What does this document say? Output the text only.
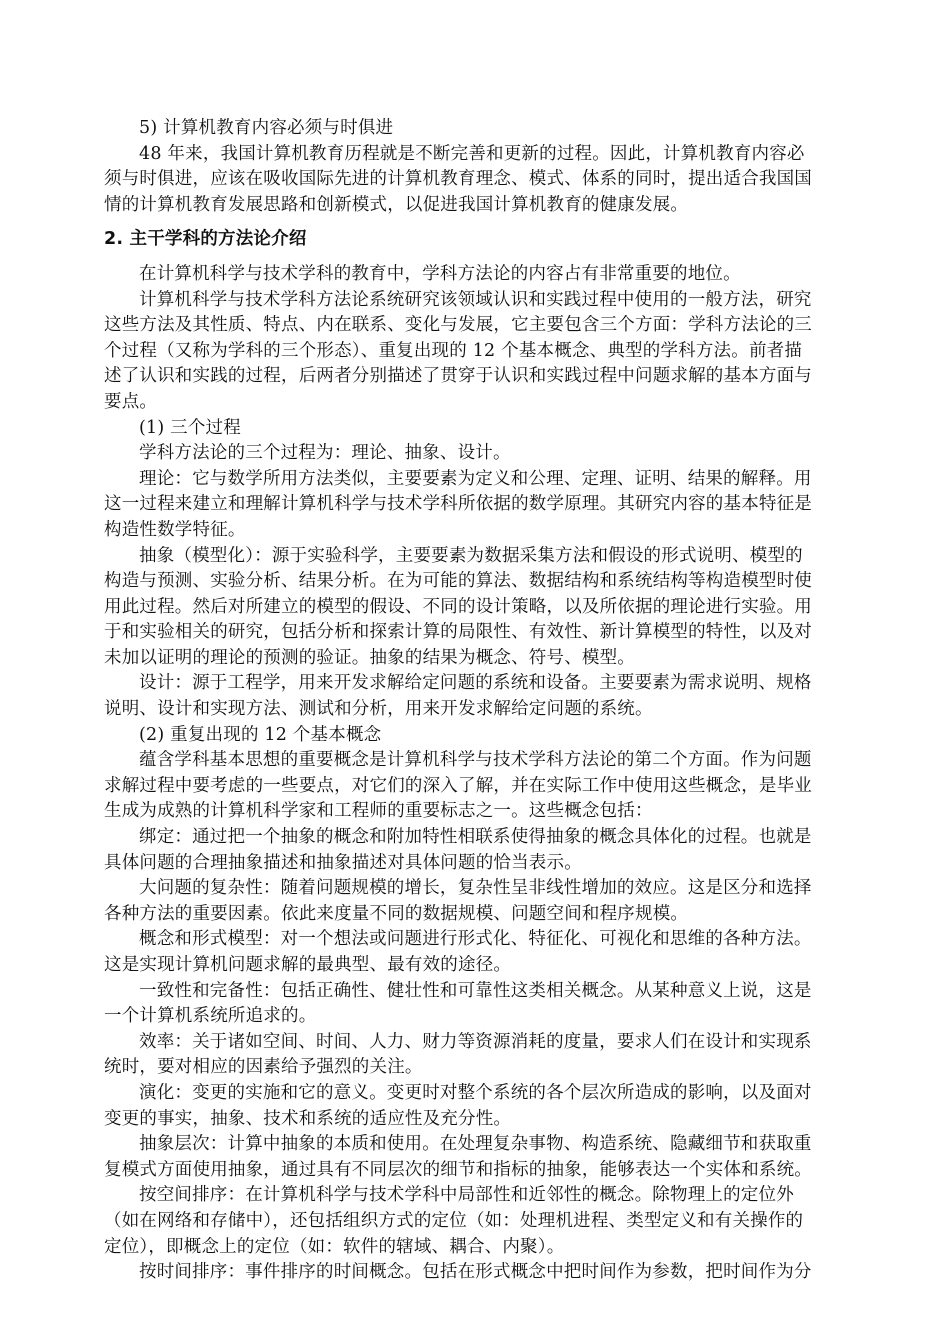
5) 计算机教育内容必须与时俱进
48 年来，我国计算机教育历程就是不断完善和更新的过程。因此，计算机教育内容必
须与时俱进，应该在吸收国际先进的计算机教育理念、模式、体系的同时，提出适合我国国
情的计算机教育发展思路和创新模式，以促进我国计算机教育的健康发展。
2. 主干学科的方法论介绍
在计算机科学与技术学科的教育中，学科方法论的内容占有非常重要的地位。
计算机科学与技术学科方法论系统研究该领域认识和实践过程中使用的一般方法，研究
这些方法及其性质、特点、内在联系、变化与发展，它主要包含三个方面：学科方法论的三
个过程（又称为学科的三个形态）、重复出现的 12 个基本概念、典型的学科方法。前者描
述了认识和实践的过程，后两者分别描述了贯穿于认识和实践过程中问题求解的基本方面与
要点。
(1) 三个过程
学科方法论的三个过程为：理论、抽象、设计。
理论：它与数学所用方法类似，主要要素为定义和公理、定理、证明、结果的解释。用
这一过程来建立和理解计算机科学与技术学科所依据的数学原理。其研究内容的基本特征是
构造性数学特征。
抽象（模型化）：源于实验科学，主要要素为数据采集方法和假设的形式说明、模型的
构造与预测、实验分析、结果分析。在为可能的算法、数据结构和系统结构等构造模型时使
用此过程。然后对所建立的模型的假设、不同的设计策略，以及所依据的理论进行实验。用
于和实验相关的研究，包括分析和探索计算的局限性、有效性、新计算模型的特性，以及对
未加以证明的理论的预测的验证。抽象的结果为概念、符号、模型。
设计：源于工程学，用来开发求解给定问题的系统和设备。主要要素为需求说明、规格
说明、设计和实现方法、测试和分析，用来开发求解给定问题的系统。
(2) 重复出现的 12 个基本概念
蕴含学科基本思想的重要概念是计算机科学与技术学科方法论的第二个方面。作为问题
求解过程中要考虑的一些要点，对它们的深入了解，并在实际工作中使用这些概念，是毕业
生成为成熟的计算机科学家和工程师的重要标志之一。这些概念包括：
绑定：通过把一个抽象的概念和附加特性相联系使得抽象的概念具体化的过程。也就是
具体问题的合理抽象描述和抽象描述对具体问题的恰当表示。
大问题的复杂性：随着问题规模的增长，复杂性呈非线性增加的效应。这是区分和选择
各种方法的重要因素。依此来度量不同的数据规模、问题空间和程序规模。
概念和形式模型：对一个想法或问题进行形式化、特征化、可视化和思维的各种方法。
这是实现计算机问题求解的最典型、最有效的途径。
一致性和完备性：包括正确性、健壮性和可靠性这类相关概念。从某种意义上说，这是
一个计算机系统所追求的。
效率：关于诸如空间、时间、人力、财力等资源消耗的度量，要求人们在设计和实现系
统时，要对相应的因素给予强烈的关注。
演化：变更的实施和它的意义。变更时对整个系统的各个层次所造成的影响，以及面对
变更的事实，抽象、技术和系统的适应性及充分性。
抽象层次：计算中抽象的本质和使用。在处理复杂事物、构造系统、隐藏细节和获取重
复模式方面使用抽象，通过具有不同层次的细节和指标的抽象，能够表达一个实体和系统。
按空间排序：在计算机科学与技术学科中局部性和近邻性的概念。除物理上的定位外
（如在网络和存储中），还包括组织方式的定位（如：处理机进程、类型定义和有关操作的
定位），即概念上的定位（如：软件的辖域、耦合、内聚）。
按时间排序：事件排序的时间概念。包括在形式概念中把时间作为参数，把时间作为分
